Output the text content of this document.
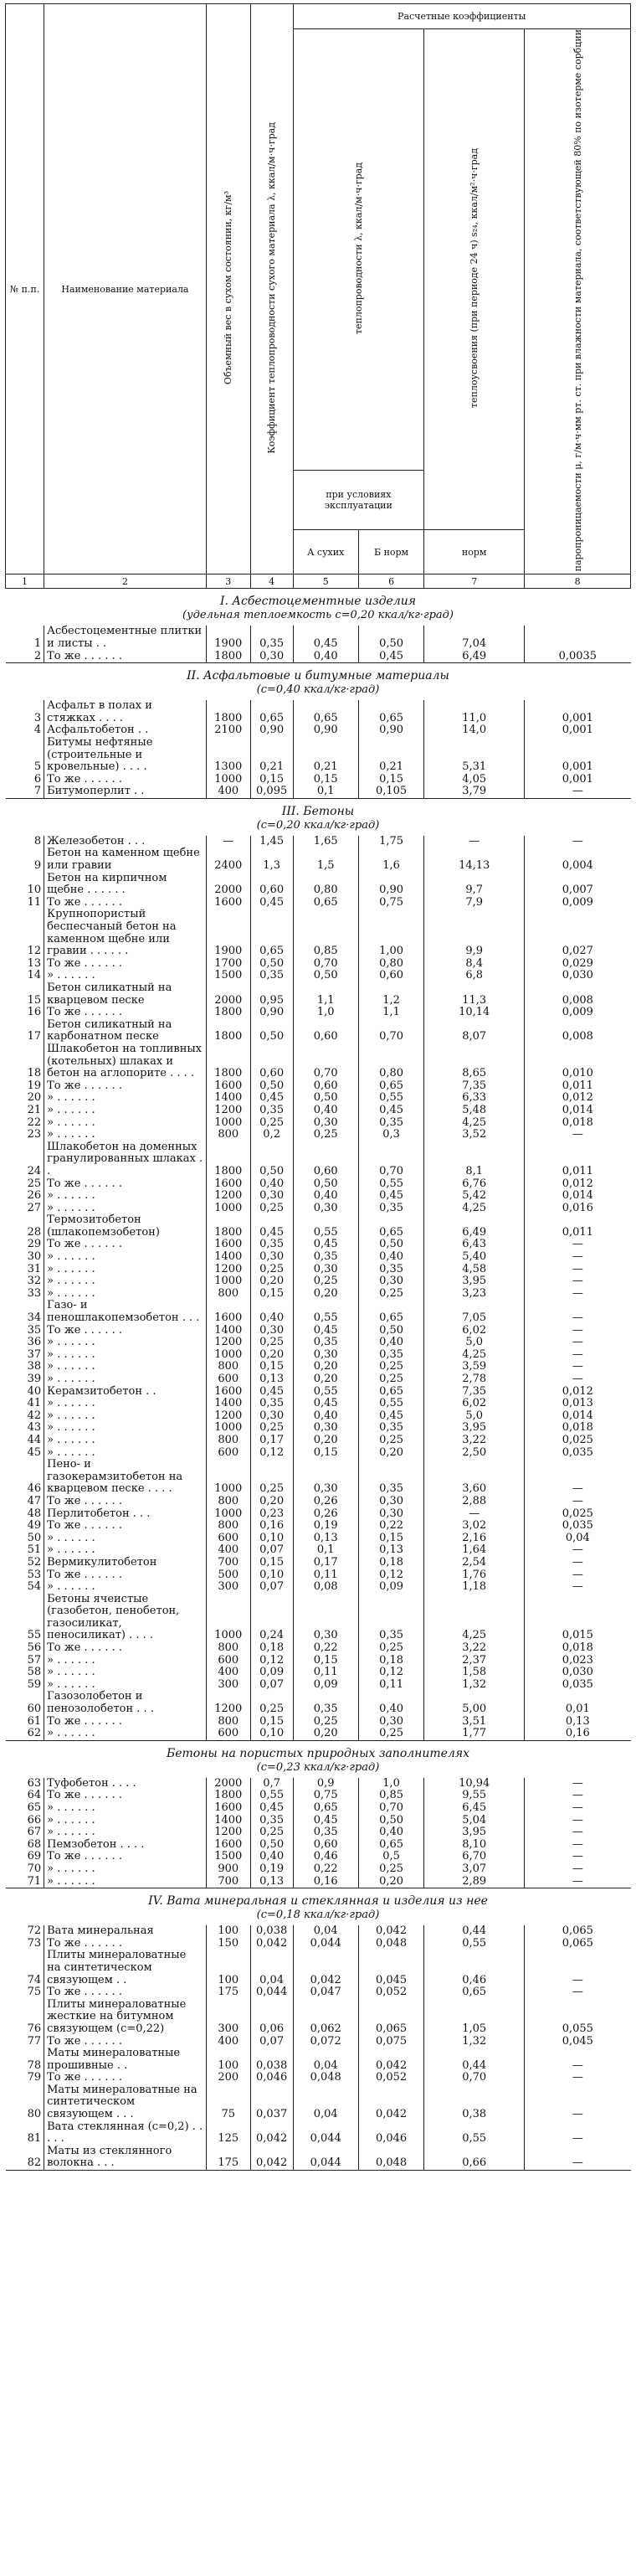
№ п.п.	Наименование материала	Объемный вес в сухом состоянии, кг/м³	Коэффициент теплопроводности сухого материала λ, ккал/м·ч·град	Расчетные коэффициенты			
				теплопроводности λ, ккал/м·ч·град		теплоусвоения (при периоде 24 ч) s₂₄, ккал/м²·ч·град	паропроницаемости μ, г/м·ч·мм рт. ст. при влажности материала, соответствующей 80% по изотерме сорбции
				при условиях эксплуатации			
				А сухих	Б норм	норм	
1	2	3	4	5	6	7	8
I. Асбестоцементные изделия							
(удельная теплоемкость c=0,20 ккал/кг·град)							
1	Асбестоцементные плитки и листы . .	1900	0,35	0,45	0,50	7,04	
2	То же . . . . . .	1800	0,30	0,40	0,45	6,49	0,0035
II. Асфальтовые и битумные материалы							
(c=0,40 ккал/кг·град)							
3	Асфальт в полах и стяжках . . . .	1800	0,65	0,65	0,65	11,0	0,001
4	Асфальтобетон . .	2100	0,90	0,90	0,90	14,0	0,001
5	Битумы нефтяные (строительные и кровельные) . . . .	1300	0,21	0,21	0,21	5,31	0,001
6	То же . . . . . .	1000	0,15	0,15	0,15	4,05	0,001
7	Битумоперлит . .	400	0,095	0,1	0,105	3,79	—
III. Бетоны							
(c=0,20 ккал/кг·град)							
8	Железобетон . . .	—	1,45	1,65	1,75	—	—
9	Бетон на каменном щебне или гравии	2400	1,3	1,5	1,6	14,13	0,004
10	Бетон на кирпичном щебне . . . . . .	2000	0,60	0,80	0,90	9,7	0,007
11	То же . . . . . .	1600	0,45	0,65	0,75	7,9	0,009
12	Крупнопористый беспесчаный бетон на каменном щебне или гравии . . . . . .	1900	0,65	0,85	1,00	9,9	0,027
13	То же . . . . . .	1700	0,50	0,70	0,80	8,4	0,029
14	» . . . . . .	1500	0,35	0,50	0,60	6,8	0,030
15	Бетон силикатный на кварцевом песке	2000	0,95	1,1	1,2	11,3	0,008
16	То же . . . . . .	1800	0,90	1,0	1,1	10,14	0,009
17	Бетон силикатный на карбонатном песке	1800	0,50	0,60	0,70	8,07	0,008
18	Шлакобетон на топливных (котельных) шлаках и бетон на аглопорите . . . .	1800	0,60	0,70	0,80	8,65	0,010
19	То же . . . . . .	1600	0,50	0,60	0,65	7,35	0,011
20	» . . . . . .	1400	0,45	0,50	0,55	6,33	0,012
21	» . . . . . .	1200	0,35	0,40	0,45	5,48	0,014
22	» . . . . . .	1000	0,25	0,30	0,35	4,25	0,018
23	» . . . . . .	800	0,2	0,25	0,3	3,52	—
24	Шлакобетон на доменных гранулированных шлаках . .	1800	0,50	0,60	0,70	8,1	0,011
25	То же . . . . . .	1600	0,40	0,50	0,55	6,76	0,012
26	» . . . . . .	1200	0,30	0,40	0,45	5,42	0,014
27	» . . . . . .	1000	0,25	0,30	0,35	4,25	0,016
28	Термозитобетон (шлакопемзобетон)	1800	0,45	0,55	0,65	6,49	0,011
29	То же . . . . . .	1600	0,35	0,45	0,50	6,43	—
30	» . . . . . .	1400	0,30	0,35	0,40	5,40	—
31	» . . . . . .	1200	0,25	0,30	0,35	4,58	—
32	» . . . . . .	1000	0,20	0,25	0,30	3,95	—
33	» . . . . . .	800	0,15	0,20	0,25	3,23	—
34	Газо- и пеношлакопемзобетон . . .	1600	0,40	0,55	0,65	7,05	—
35	То же . . . . . .	1400	0,30	0,45	0,50	6,02	—
36	» . . . . . .	1200	0,25	0,35	0,40	5,0	—
37	» . . . . . .	1000	0,20	0,30	0,35	4,25	—
38	» . . . . . .	800	0,15	0,20	0,25	3,59	—
39	» . . . . . .	600	0,13	0,20	0,25	2,78	—
40	Керамзитобетон . .	1600	0,45	0,55	0,65	7,35	0,012
41	» . . . . . .	1400	0,35	0,45	0,55	6,02	0,013
42	» . . . . . .	1200	0,30	0,40	0,45	5,0	0,014
43	» . . . . . .	1000	0,25	0,30	0,35	3,95	0,018
44	» . . . . . .	800	0,17	0,20	0,25	3,22	0,025
45	» . . . . . .	600	0,12	0,15	0,20	2,50	0,035
46	Пено- и газокерамзитобетон на кварцевом песке . . . .	1000	0,25	0,30	0,35	3,60	—
47	То же . . . . . .	800	0,20	0,26	0,30	2,88	—
48	Перлитобетон . . .	1000	0,23	0,26	0,30	—	0,025
49	То же . . . . . .	800	0,16	0,19	0,22	3,02	0,035
50	» . . . . . .	600	0,10	0,13	0,15	2,16	0,04
51	» . . . . . .	400	0,07	0,1	0,13	1,64	—
52	Вермикулитобетон	700	0,15	0,17	0,18	2,54	—
53	То же . . . . . .	500	0,10	0,11	0,12	1,76	—
54	» . . . . . .	300	0,07	0,08	0,09	1,18	—
55	Бетоны ячеистые (газобетон, пенобетон, газосиликат, пеносиликат) . . . .	1000	0,24	0,30	0,35	4,25	0,015
56	То же . . . . . .	800	0,18	0,22	0,25	3,22	0,018
57	» . . . . . .	600	0,12	0,15	0,18	2,37	0,023
58	» . . . . . .	400	0,09	0,11	0,12	1,58	0,030
59	» . . . . . .	300	0,07	0,09	0,11	1,32	0,035
60	Газозолобетон и пенозолобетон . . .	1200	0,25	0,35	0,40	5,00	0,01
61	То же . . . . . .	800	0,15	0,25	0,30	3,51	0,13
62	» . . . . . .	600	0,10	0,20	0,25	1,77	0,16
Бетоны на пористых природных заполнителях							
(c=0,23 ккал/кг·град)							
63	Туфобетон . . . .	2000	0,7	0,9	1,0	10,94	—
64	То же . . . . . .	1800	0,55	0,75	0,85	9,55	—
65	» . . . . . .	1600	0,45	0,65	0,70	6,45	—
66	» . . . . . .	1400	0,35	0,45	0,50	5,04	—
67	» . . . . . .	1200	0,25	0,35	0,40	3,95	—
68	Пемзобетон . . . .	1600	0,50	0,60	0,65	8,10	—
69	То же . . . . . .	1500	0,40	0,46	0,5	6,70	—
70	» . . . . . .	900	0,19	0,22	0,25	3,07	—
71	» . . . . . .	700	0,13	0,16	0,20	2,89	—
IV. Вата минеральная и стеклянная и изделия из нее							
(c=0,18 ккал/кг·град)							
72	Вата минеральная	100	0,038	0,04	0,042	0,44	0,065
73	То же . . . . . .	150	0,042	0,044	0,048	0,55	0,065
74	Плиты минераловатные на синтетическом связующем . .	100	0,04	0,042	0,045	0,46	—
75	То же . . . . . .	175	0,044	0,047	0,052	0,65	—
76	Плиты минераловатные жесткие на битумном связующем (c=0,22)	300	0,06	0,062	0,065	1,05	0,055
77	То же . . . . . .	400	0,07	0,072	0,075	1,32	0,045
78	Маты минераловатные прошивные . .	100	0,038	0,04	0,042	0,44	—
79	То же . . . . . .	200	0,046	0,048	0,052	0,70	—
80	Маты минераловатные на синтетическом связующем . . .	75	0,037	0,04	0,042	0,38	—
81	Вата стеклянная (c=0,2) . . . . .	125	0,042	0,044	0,046	0,55	—
82	Маты из стеклянного волокна . . .	175	0,042	0,044	0,048	0,66	—
